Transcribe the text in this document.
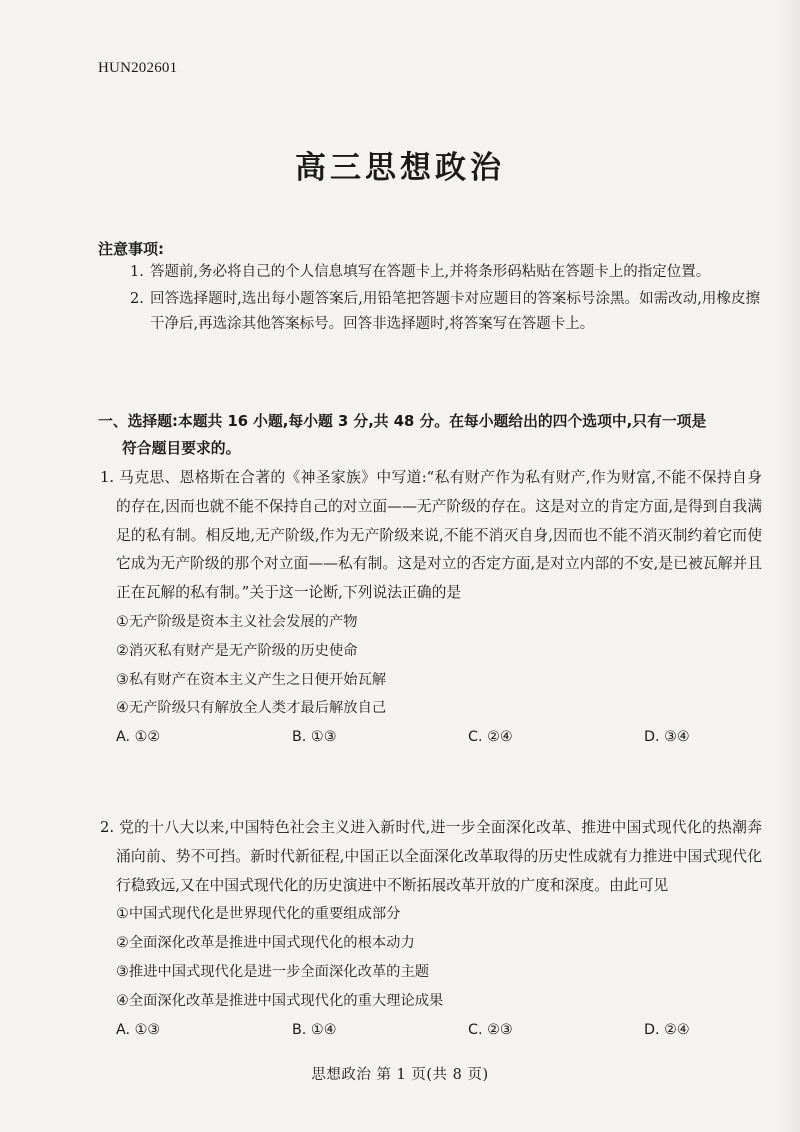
HUN202601
高三思想政治
注意事项:
1. 答题前,务必将自己的个人信息填写在答题卡上,并将条形码粘贴在答题卡上的指定位置。
2. 回答选择题时,选出每小题答案后,用铅笔把答题卡对应题目的答案标号涂黑。如需改动,用橡皮擦干净后,再选涂其他答案标号。回答非选择题时,将答案写在答题卡上。
一、选择题:本题共 16 小题,每小题 3 分,共 48 分。在每小题给出的四个选项中,只有一项是
符合题目要求的。
1. 马克思、恩格斯在合著的《神圣家族》中写道:“私有财产作为私有财产,作为财富,不能不保持自身的存在,因而也就不能不保持自己的对立面——无产阶级的存在。这是对立的肯定方面,是得到自我满足的私有制。相反地,无产阶级,作为无产阶级来说,不能不消灭自身,因而也不能不消灭制约着它而使它成为无产阶级的那个对立面——私有制。这是对立的否定方面,是对立内部的不安,是已被瓦解并且正在瓦解的私有制。”关于这一论断,下列说法正确的是
①无产阶级是资本主义社会发展的产物
②消灭私有财产是无产阶级的历史使命
③私有财产在资本主义产生之日便开始瓦解
④无产阶级只有解放全人类才最后解放自己
A. ①②	B. ①③	C. ②④	D. ③④
2. 党的十八大以来,中国特色社会主义进入新时代,进一步全面深化改革、推进中国式现代化的热潮奔涌向前、势不可挡。新时代新征程,中国正以全面深化改革取得的历史性成就有力推进中国式现代化行稳致远,又在中国式现代化的历史演进中不断拓展改革开放的广度和深度。由此可见
①中国式现代化是世界现代化的重要组成部分
②全面深化改革是推进中国式现代化的根本动力
③推进中国式现代化是进一步全面深化改革的主题
④全面深化改革是推进中国式现代化的重大理论成果
A. ①③	B. ①④	C. ②③	D. ②④
思想政治 第 1 页(共 8 页)
